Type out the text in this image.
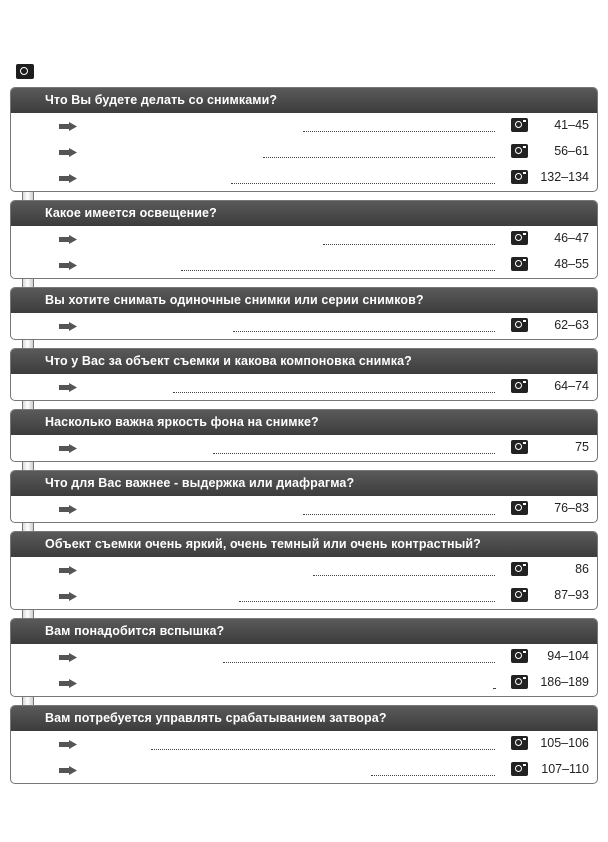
Что Вы будете делать со снимками?
41–45
56–61
132–134
Какое имеется освещение?
46–47
48–55
Вы хотите снимать одиночные снимки или серии снимков?
62–63
Что у Вас за объект съемки и какова компоновка снимка?
64–74
Насколько важна яркость фона на снимке?
75
Что для Вас важнее - выдержка или диафрагма?
76–83
Объект съемки очень яркий, очень темный или очень контрастный?
86
87–93
Вам понадобится вспышка?
94–104
186–189
Вам потребуется управлять срабатыванием затвора?
105–106
107–110
